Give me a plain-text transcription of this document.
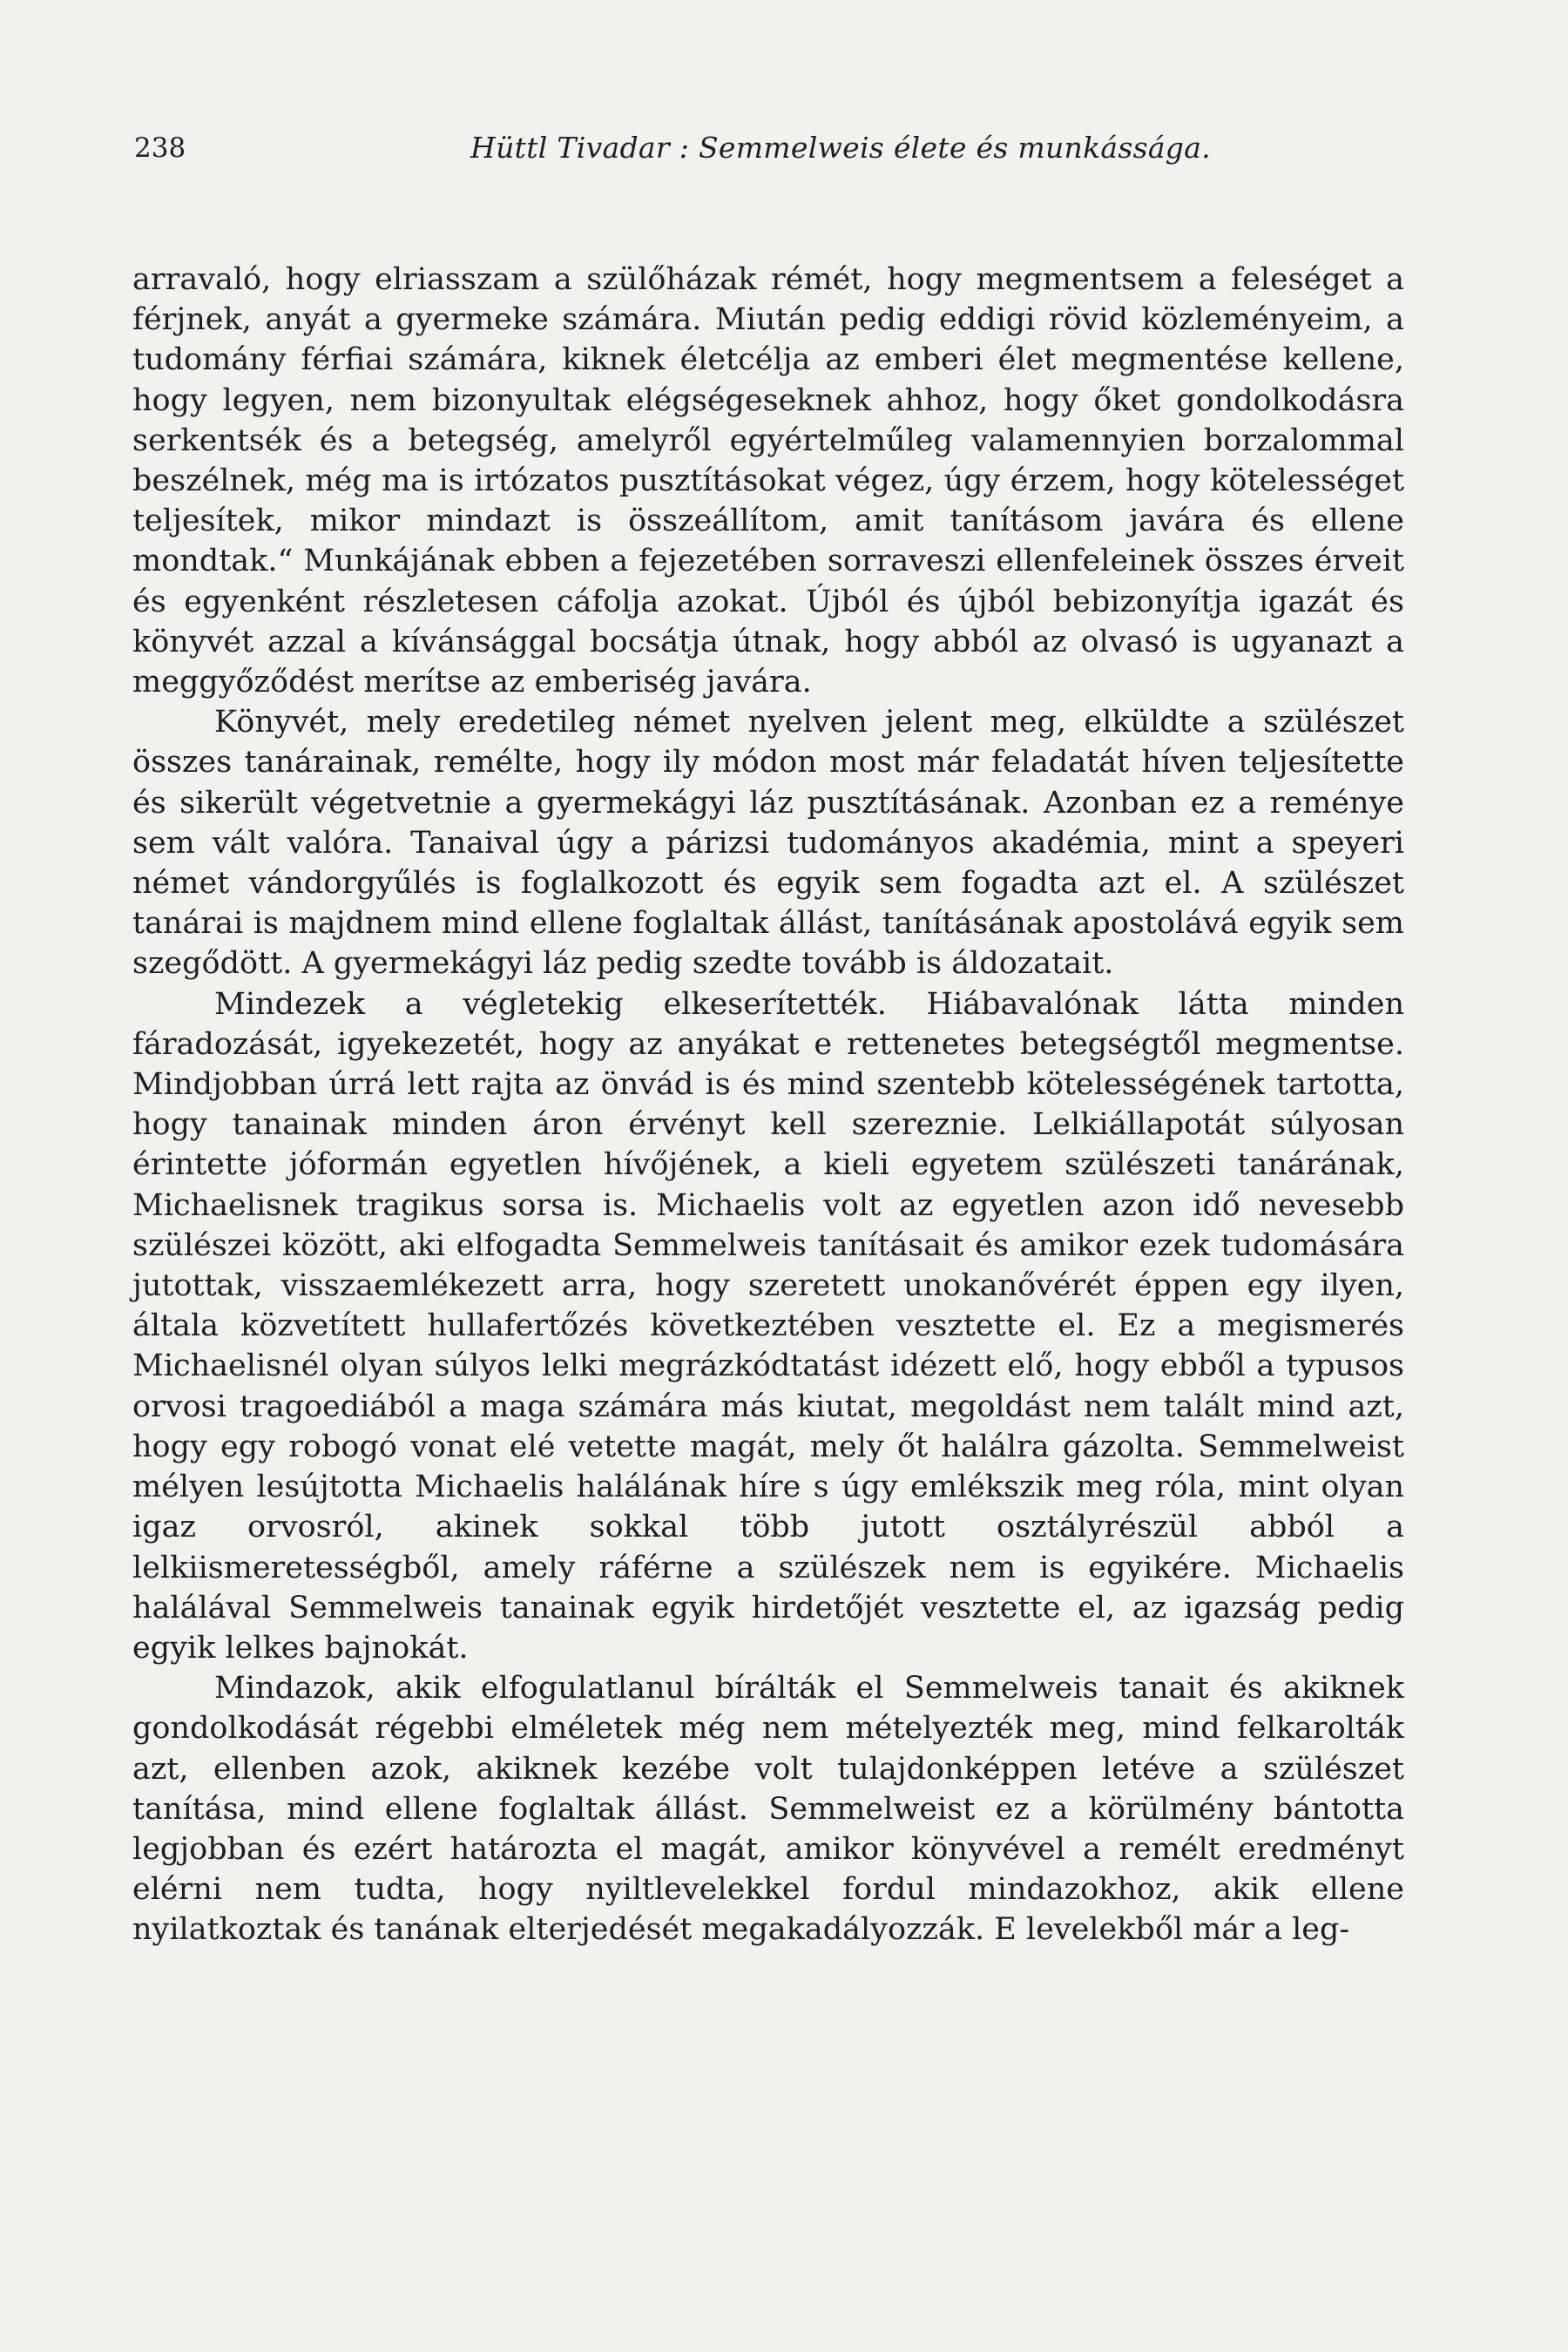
238	Hüttl Tivadar : Semmelweis élete és munkássága.

arravaló, hogy elriasszam a szülőházak rémét, hogy megmentsem a feleséget a férjnek, anyát a gyermeke számára. Miután pedig eddigi rövid közleményeim, a tudomány férfiai számára, kiknek életcélja az emberi élet megmentése kellene, hogy legyen, nem bizonyultak elégségeseknek ahhoz, hogy őket gondolkodásra serkentsék és a betegség, amelyről egyértelműleg valamennyien borzalommal beszélnek, még ma is irtózatos pusztításokat végez, úgy érzem, hogy kötelességet teljesítek, mikor mindazt is összeállítom, amit tanításom javára és ellene mondtak.“ Munkájának ebben a fejezetében sorraveszi ellenfeleinek összes érveit és egyenként részletesen cáfolja azokat. Újból és újból bebizonyítja igazát és könyvét azzal a kívánsággal bocsátja útnak, hogy abból az olvasó is ugyanazt a meggyőződést merítse az emberiség javára.

Könyvét, mely eredetileg német nyelven jelent meg, elküldte a szülészet összes tanárainak, remélte, hogy ily módon most már feladatát híven teljesítette és sikerült végetvetnie a gyermekágyi láz pusztításának. Azonban ez a reménye sem vált valóra. Tanaival úgy a párizsi tudományos akadémia, mint a speyeri német vándorgyűlés is foglalkozott és egyik sem fogadta azt el. A szülészet tanárai is majdnem mind ellene foglaltak állást, tanításának apostolává egyik sem szegődött. A gyermekágyi láz pedig szedte tovább is áldozatait.

Mindezek a végletekig elkeserítették. Hiábavalónak látta minden fáradozását, igyekezetét, hogy az anyákat e rettenetes betegségtől megmentse. Mindjobban úrrá lett rajta az önvád is és mind szentebb kötelességének tartotta, hogy tanainak minden áron érvényt kell szereznie. Lelkiállapotát súlyosan érintette jóformán egyetlen hívőjének, a kieli egyetem szülészeti tanárának, Michaelisnek tragikus sorsa is. Michaelis volt az egyetlen azon idő nevesebb szülészei között, aki elfogadta Semmelweis tanításait és amikor ezek tudomására jutottak, visszaemlékezett arra, hogy szeretett unokanővérét éppen egy ilyen, általa közvetített hullafertőzés következtében vesztette el. Ez a megismerés Michaelisnél olyan súlyos lelki megrázkódtatást idézett elő, hogy ebből a typusos orvosi tragoediából a maga számára más kiutat, megoldást nem talált mind azt, hogy egy robogó vonat elé vetette magát, mely őt halálra gázolta. Semmelweist mélyen lesújtotta Michaelis halálának híre s úgy emlékszik meg róla, mint olyan igaz orvosról, akinek sokkal több jutott osztályrészül abból a lelkiismeretességből, amely ráférne a szülészek nem is egyikére. Michaelis halálával Semmelweis tanainak egyik hirdetőjét vesztette el, az igazság pedig egyik lelkes bajnokát.

Mindazok, akik elfogulatlanul bírálták el Semmelweis tanait és akiknek gondolkodását régebbi elméletek még nem mételyezték meg, mind felkarolták azt, ellenben azok, akiknek kezébe volt tulajdonképpen letéve a szülészet tanítása, mind ellene foglaltak állást. Semmelweist ez a körülmény bántotta legjobban és ezért határozta el magát, amikor könyvével a remélt eredményt elérni nem tudta, hogy nyiltlevelekkel fordul mindazokhoz, akik ellene nyilatkoztak és tanának elterjedését megakadályozzák. E levelekből már a leg-
